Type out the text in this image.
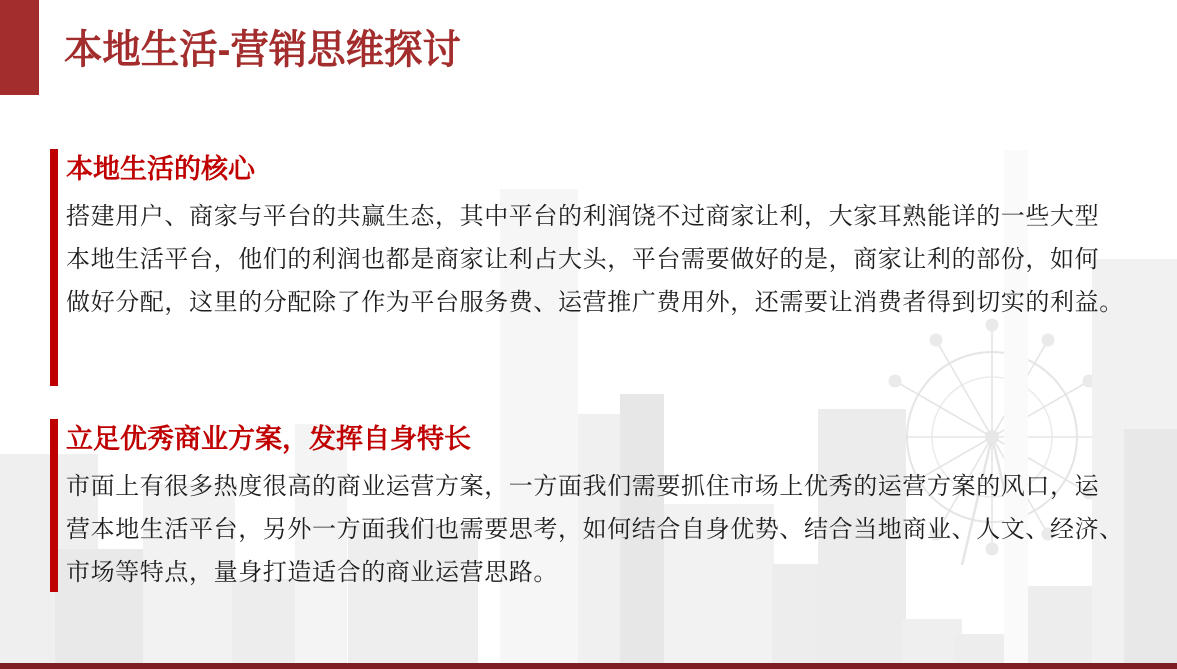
本地生活-营销思维探讨
本地生活的核心
搭建用户、商家与平台的共赢生态，其中平台的利润饶不过商家让利，大家耳熟能详的一些大型
本地生活平台，他们的利润也都是商家让利占大头，平台需要做好的是，商家让利的部份，如何
做好分配，这里的分配除了作为平台服务费、运营推广费用外，还需要让消费者得到切实的利益。
立足优秀商业方案，发挥自身特长
市面上有很多热度很高的商业运营方案，一方面我们需要抓住市场上优秀的运营方案的风口，运
营本地生活平台，另外一方面我们也需要思考，如何结合自身优势、结合当地商业、人文、经济、
市场等特点，量身打造适合的商业运营思路。
